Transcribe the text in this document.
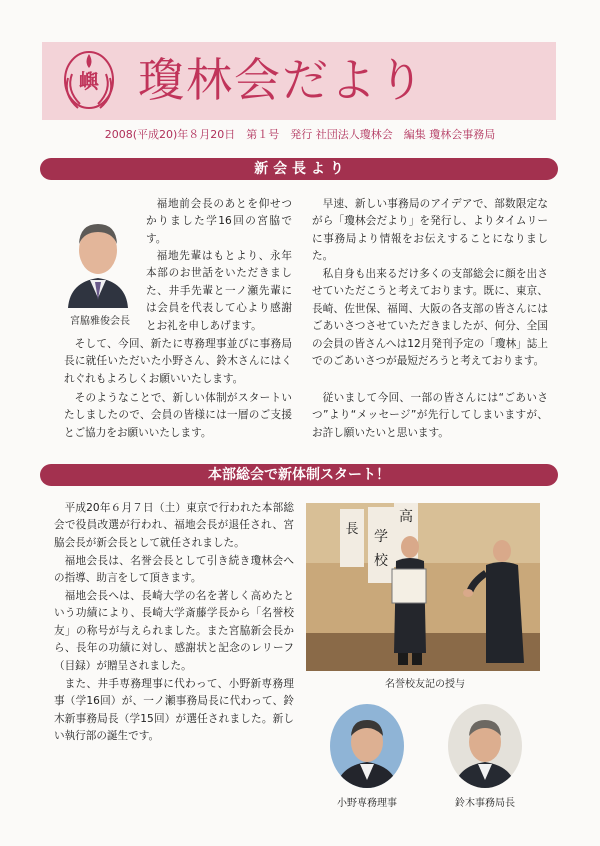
嶼 瓊林会だより
2008(平成20)年８月20日　第１号　発行 社団法人瓊林会　編集 瓊林会事務局
新 会 長 よ り
宮脇雅俊会長
福地前会長のあとを仰せつかりました学16回の宮脇です。
福地先輩はもとより、永年本部のお世話をいただきました、井手先輩と一ノ瀬先輩には会員を代表して心より感謝とお礼を申しあげます。
そして、今回、新たに専務理事並びに事務局長に就任いただいた小野さん、鈴木さんにはくれぐれもよろしくお願いいたします。
そのようなことで、新しい体制がスタートいたしましたので、会員の皆様には一層のご支援とご協力をお願いいたします。
早速、新しい事務局のアイデアで、部数限定ながら「瓊林会だより」を発行し、よりタイムリーに事務局より情報をお伝えすることになりました。
私自身も出来るだけ多くの支部総会に顔を出させていただこうと考えております。既に、東京、長崎、佐世保、福岡、大阪の各支部の皆さんにはごあいさつさせていただきましたが、何分、全国の会員の皆さんへは12月発刊予定の「瓊林」誌上でのごあいさつが最短だろうと考えております。
従いまして今回、一部の皆さんには“ごあいさつ”より“メッセージ”が先行してしまいますが、お許し願いたいと思います。
本部総会で新体制スタート！
平成20年６月７日（土）東京で行われた本部総会で役員改選が行われ、福地会長が退任され、宮脇会長が新会長として就任されました。
福地会長は、名誉会長として引き続き瓊林会への指導、助言をして頂きます。
福地会長へは、長崎大学の名を著しく高めたという功績により、長崎大学斎藤学長から「名誉校友」の称号が与えられました。また宮脇新会長から、長年の功績に対し、感謝状と記念のレリーフ（目録）が贈呈されました。
また、井手専務理事に代わって、小野新専務理事（学16回）が、一ノ瀬事務局長に代わって、鈴木新事務局長（学15回）が選任されました。新しい執行部の誕生です。
高
学
長
校
名誉校友記の授与
小野専務理事	鈴木事務局長
